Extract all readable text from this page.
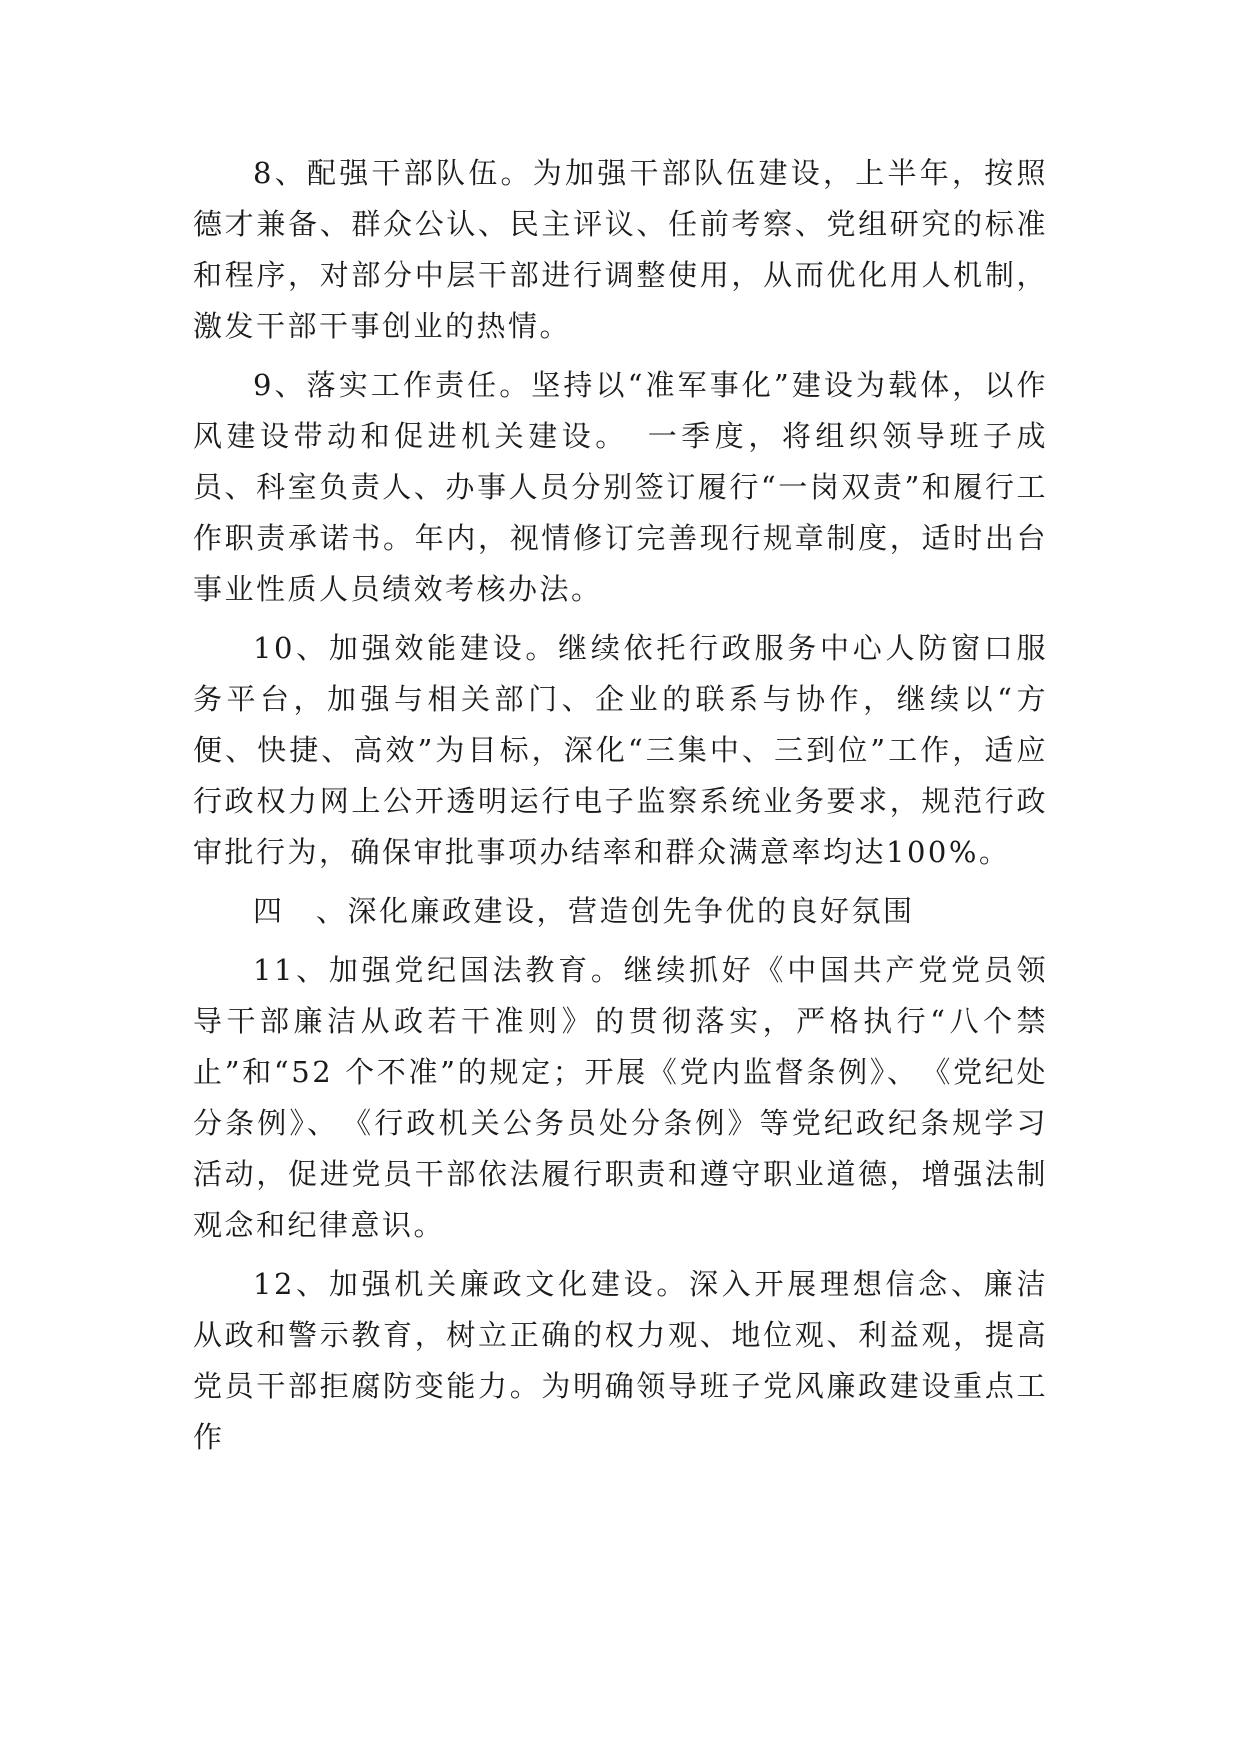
8、配强干部队伍。为加强干部队伍建设，上半年，按照德才兼备、群众公认、民主评议、任前考察、党组研究的标准和程序，对部分中层干部进行调整使用，从而优化用人机制，激发干部干事创业的热情。

9、落实工作责任。坚持以“准军事化”建设为载体，以作风建设带动和促进机关建设。　一季度，将组织领导班子成员、科室负责人、办事人员分别签订履行“一岗双责”和履行工作职责承诺书。年内，视情修订完善现行规章制度，适时出台事业性质人员绩效考核办法。

10、加强效能建设。继续依托行政服务中心人防窗口服务平台，加强与相关部门、企业的联系与协作，继续以“方便、快捷、高效”为目标，深化“三集中、三到位”工作，适应行政权力网上公开透明运行电子监察系统业务要求，规范行政审批行为，确保审批事项办结率和群众满意率均达100%。

四　、深化廉政建设，营造创先争优的良好氛围

11、加强党纪国法教育。继续抓好《中国共产党党员领导干部廉洁从政若干准则》的贯彻落实，严格执行“八个禁止”和“52 个不准”的规定；开展《党内监督条例》、　《党纪处分条例》、　《行政机关公务员处分条例》等党纪政纪条规学习活动，促进党员干部依法履行职责和遵守职业道德，增强法制观念和纪律意识。

12、加强机关廉政文化建设。深入开展理想信念、廉洁从政和警示教育，树立正确的权力观、地位观、利益观，提高党员干部拒腐防变能力。为明确领导班子党风廉政建设重点工作
